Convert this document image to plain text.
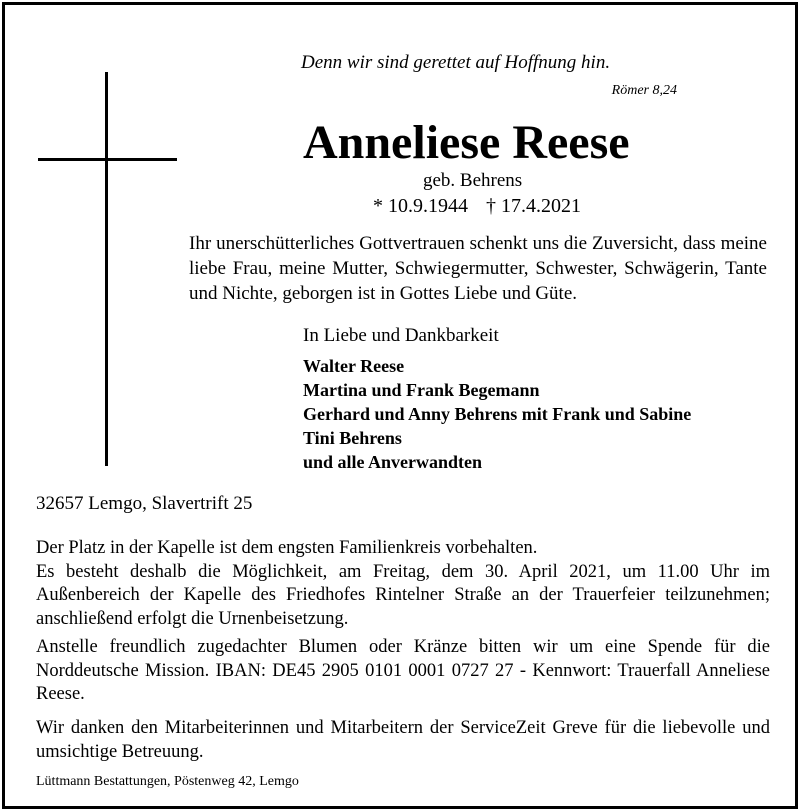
Denn wir sind gerettet auf Hoffnung hin.
Römer 8,24
Anneliese Reese
geb. Behrens
* 10.9.1944 † 17.4.2021
Ihr unerschütterliches Gottvertrauen schenkt uns die Zuversicht, dass meine liebe Frau, meine Mutter, Schwiegermutter, Schwester, Schwägerin, Tante und Nichte, geborgen ist in Gottes Liebe und Güte.
In Liebe und Dankbarkeit
Walter Reese
Martina und Frank Begemann
Gerhard und Anny Behrens mit Frank und Sabine
Tini Behrens
und alle Anverwandten
32657 Lemgo, Slavertrift 25
Der Platz in der Kapelle ist dem engsten Familienkreis vorbehalten.
Es besteht deshalb die Möglichkeit, am Freitag, dem 30. April 2021, um 11.00 Uhr im Außenbereich der Kapelle des Friedhofes Rintelner Straße an der Trauerfeier teilzunehmen; anschließend erfolgt die Urnenbeisetzung.
Anstelle freundlich zugedachter Blumen oder Kränze bitten wir um eine Spende für die Norddeutsche Mission. IBAN: DE45 2905 0101 0001 0727 27 - Kennwort: Trauerfall Anneliese Reese.
Wir danken den Mitarbeiterinnen und Mitarbeitern der ServiceZeit Greve für die liebevolle und umsichtige Betreuung.
Lüttmann Bestattungen, Pöstenweg 42, Lemgo
